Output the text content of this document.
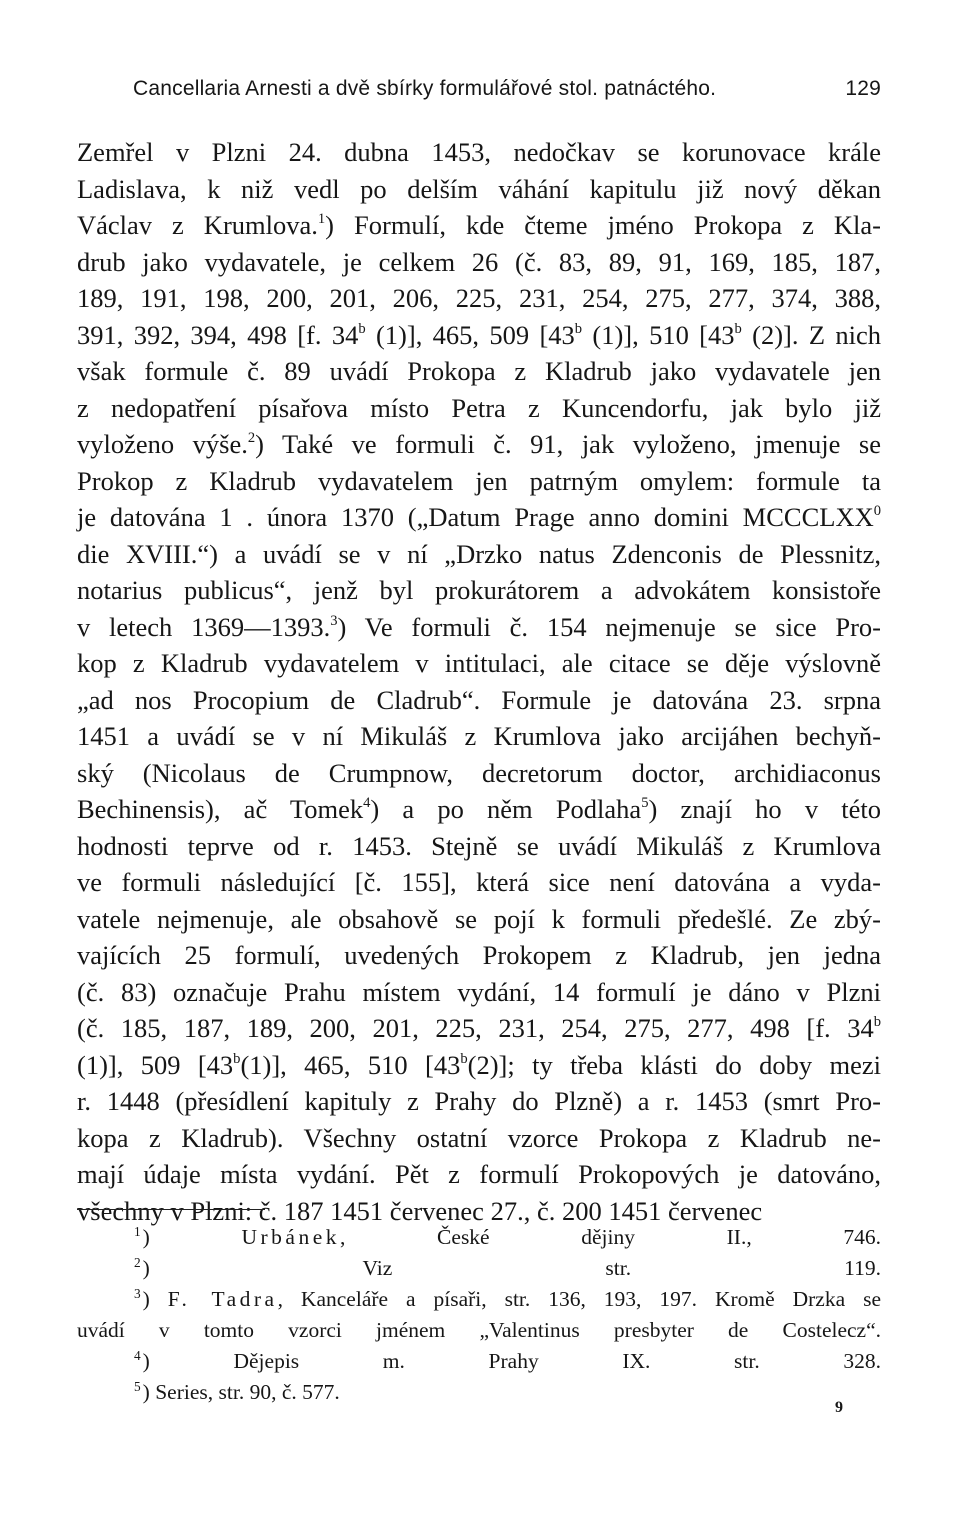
Cancellaria Arnesti a dvě sbírky formulářové stol. patnáctého.	129
Zemřel v Plzni 24. dubna 1453, nedočkav se korunovace krále
Ladislava, k niž vedl po delším váhání kapitulu již nový děkan
Václav z Krumlova.$^1$) Formulí, kde čteme jméno Prokopa z Kla-
drub jako vydavatele, je celkem 26 (č. 83, 89, 91, 169, 185, 187,
189, 191, 198, 200, 201, 206, 225, 231, 254, 275, 277, 374, 388,
391, 392, 394, 498 [f. 34$^b$ (1)], 465, 509 [43$^b$ (1)], 510 [43$^b$ (2)]. Z nich
však formule č. 89 uvádí Prokopa z Kladrub jako vydavatele jen
z nedopatření písařova místo Petra z Kuncendorfu, jak bylo již
vyloženo výše.$^2$) Také ve formuli č. 91, jak vyloženo, jmenuje se
Prokop z Kladrub vydavatelem jen patrným omylem: formule ta
je datována 1 . února 1370 („Datum Prage anno domini MCCCLXX$^0$
die XVIII.“) a uvádí se v ní „Drzko natus Zdenconis de Plessnitz,
notarius publicus“, jenž byl prokurátorem a advokátem konsistoře
v letech 1369—1393.$^3$) Ve formuli č. 154 nejmenuje se sice Pro-
kop z Kladrub vydavatelem v intitulaci, ale citace se děje výslovně
„ad nos Procopium de Cladrub“. Formule je datována 23. srpna
1451 a uvádí se v ní Mikuláš z Krumlova jako arcijáhen bechyň-
ský (Nicolaus de Crumpnow, decretorum doctor, archidiaconus
Bechinensis), ač Tomek$^4$) a po něm Podlaha$^5$) znají ho v této
hodnosti teprve od r. 1453. Stejně se uvádí Mikuláš z Krumlova
ve formuli následující [č. 155], která sice není datována a vyda-
vatele nejmenuje, ale obsahově se pojí k formuli předešlé. Ze zbý-
vajících 25 formulí, uvedených Prokopem z Kladrub, jen jedna
(č. 83) označuje Prahu místem vydání, 14 formulí je dáno v Plzni
(č. 185, 187, 189, 200, 201, 225, 231, 254, 275, 277, 498 [f. 34$^b$
(1)], 509 [43$^b$(1)], 465, 510 [43$^b$(2)]; ty třeba klásti do doby mezi
r. 1448 (přesídlení kapituly z Prahy do Plzně) a r. 1453 (smrt Pro-
kopa z Kladrub). Všechny ostatní vzorce Prokopa z Kladrub ne-
mají údaje místa vydání. Pět z formulí Prokopových je datováno,
všechny v Plzni: č. 187 1451 červenec 27., č. 200 1451 červenec
$^1$) Urbánek, České dějiny II., 746.
$^2$) Viz str. 119.
$^3$) F. Tadra, Kanceláře a písaři, str. 136, 193, 197. Kromě Drzka se
uvádí v tomto vzorci jménem „Valentinus presbyter de Costelecz“.
$^4$) Dějepis m. Prahy IX. str. 328.
$^5$) Series, str. 90, č. 577.
9
